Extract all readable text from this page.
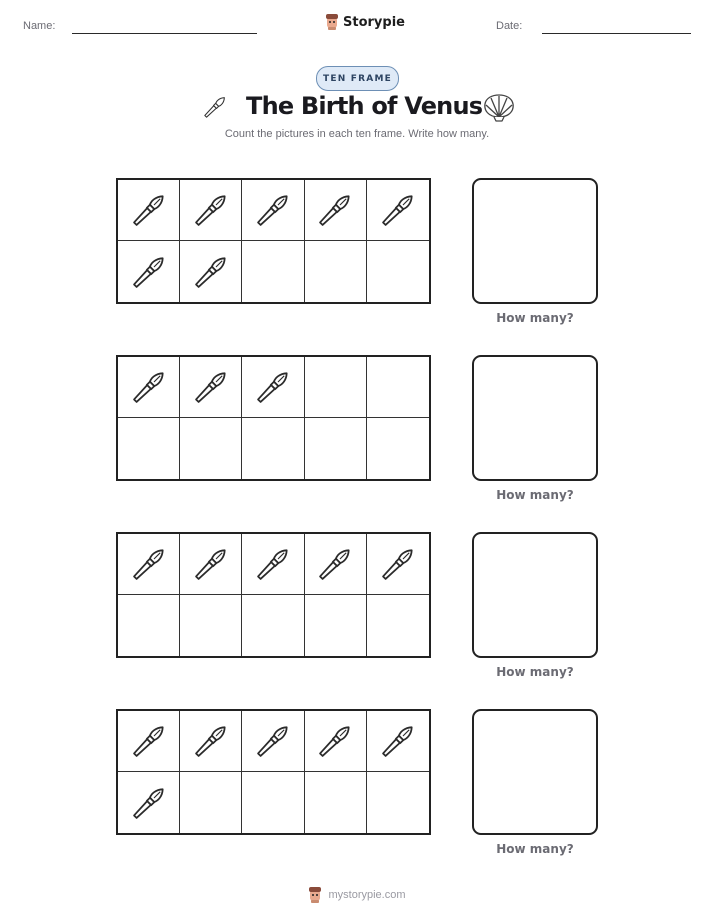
Name:	Storypie	Date:
TEN FRAME
The Birth of Venus
Count the pictures in each ten frame. Write how many.
How many?
How many?
How many?
How many?
mystorypie.com
